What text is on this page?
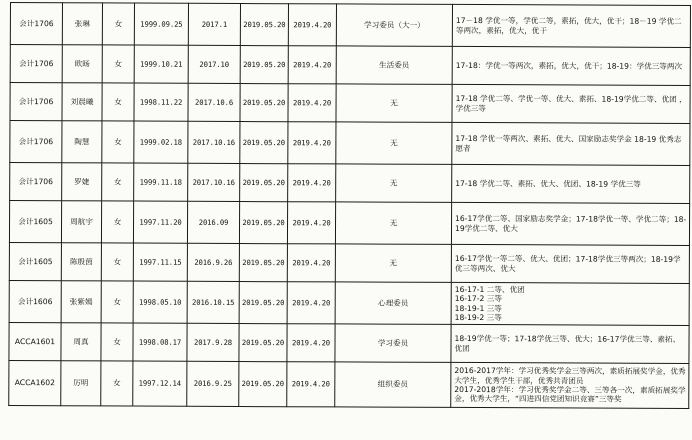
会计1706	张琳	女	1999.09.25	2017.1	2019.05.20	2019.4.20	学习委员（大一）	17－18 学优一等，学优二等，素拓，优大，优干；18－19 学优二等两次，素拓，优大，优干
会计1706	欧旸	女	1999.10.21	2017.10	2019.05.20	2019.4.20	生活委员	17-18：学优一等两次，素拓，优大，优干；18-19：学优三等两次
会计1706	刘晨曦	女	1998.11.22	2017.10.6	2019.05.20	2019.4.20	无	17-18 学优二等、学优一等、优大、素拓、18-19学优二等、优团 ，学优三等
会计1706	陶慧	女	1999.02.18	2017.10.16	2019.05.20	2019.4.20	无	17-18 学优一等两次、素拓、优大、国家励志奖学金 18-19 优秀志愿者
会计1706	罗婕	女	1999.11.18	2017.10.16	2019.05.20	2019.4.20	无	17-18 学优二等、素拓、优大、优团、18-19 学优三等
会计1605	周航宇	女	1997.11.20	2016.09	2019.05.20	2019.4.20	无	16-17学优二等、国家励志奖学金；17-18学优一等、学优二等；18-19学优二等、优大
会计1605	陈殷茵	女	1997.11.15	2016.9.26	2019.05.20	2019.4.20	无	16-17学优一等二等、优大、优团；17-18学优三等两次；18-19学优三等两次、优大
会计1606	张紫嫣	女	1998.05.10	2016.10.15	2019.05.20	2019.4.20	心理委员	16-17-1 二等、优团
16-17-2 三等
18-19-1 三等
18-19-2 三等
ACCA1601	周真	女	1998.08.17	2017.9.28	2019.05.20	2019.4.20	学习委员	18-19学优一等；17-18学优三等、优大；16-17学优三等、素拓、优团
ACCA1602	厉明	女	1997.12.14	2016.9.25	2019.05.20	2019.4.20	组织委员	2016-2017学年：学习优秀奖学金三等两次，素质拓展奖学金，优秀大学生，优秀学生干部，优秀共青团员
2017-2018学年：学习优秀奖学金二等、三等各一次，素质拓展奖学金，优秀大学生，“四进四信党团知识竞赛”三等奖
